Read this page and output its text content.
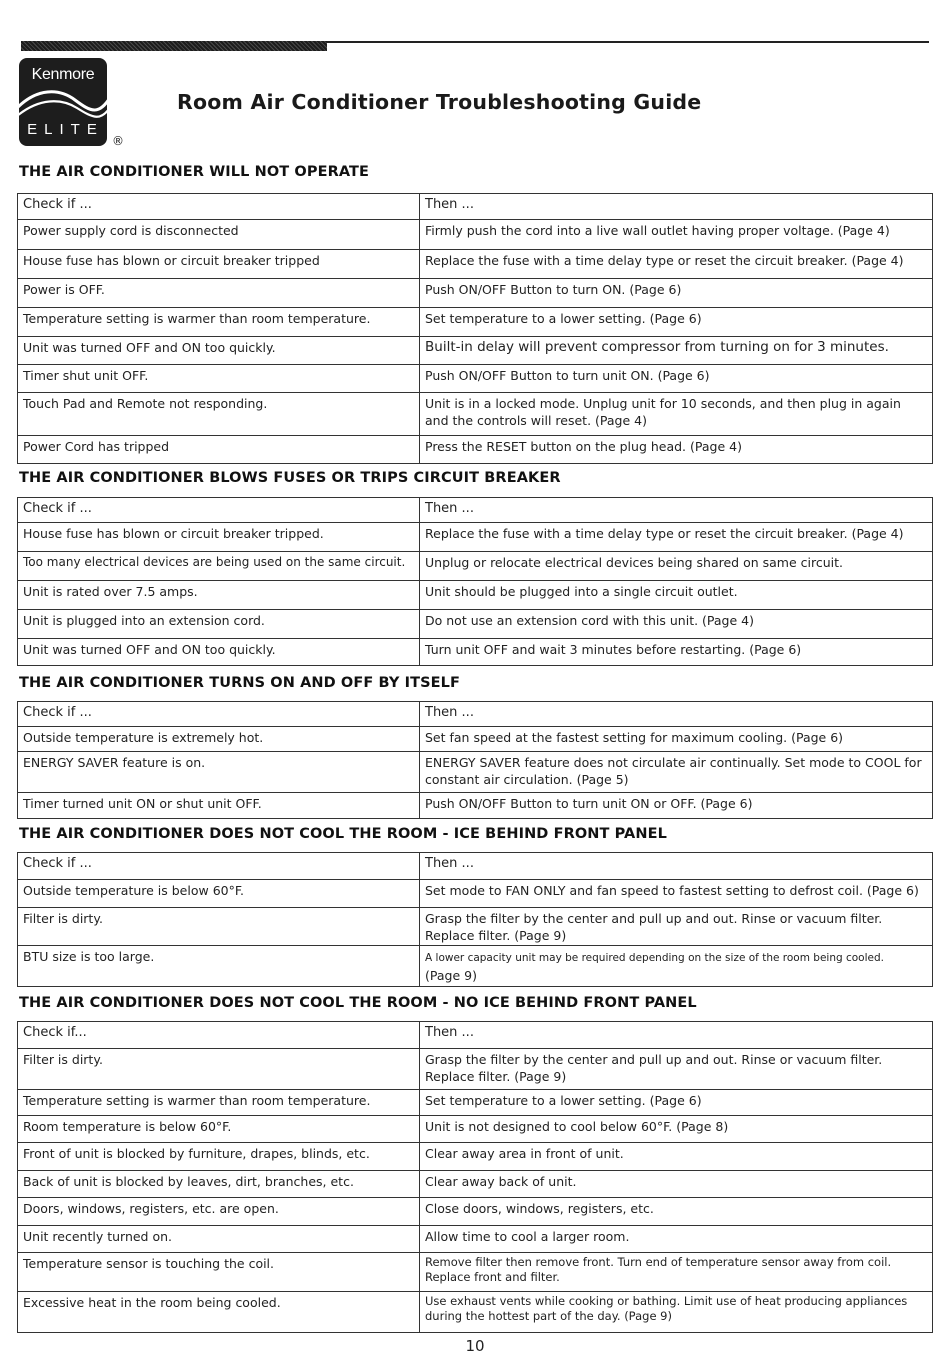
Kenmore
ELITE
®
Room Air Conditioner Troubleshooting Guide
THE AIR CONDITIONER WILL NOT OPERATE
Check if ...	Then ...
Power supply cord is disconnected	Firmly push the cord into a live wall outlet having proper voltage. (Page 4)
House fuse has blown or circuit breaker tripped	Replace the fuse with a time delay type or reset the circuit breaker. (Page 4)
Power is OFF.	Push ON/OFF Button to turn ON. (Page 6)
Temperature setting is warmer than room temperature.	Set temperature to a lower setting. (Page 6)
Unit was turned OFF and ON too quickly.	Built-in delay will prevent compressor from turning on for 3 minutes.
Timer shut unit OFF.	Push ON/OFF Button to turn unit ON. (Page 6)
Touch Pad and Remote not responding.	Unit is in a locked mode. Unplug unit for 10 seconds, and then plug in again and the controls will reset. (Page 4)
Power Cord has tripped	Press the RESET button on the plug head. (Page 4)
THE AIR CONDITIONER BLOWS FUSES OR TRIPS CIRCUIT BREAKER
Check if ...	Then ...
House fuse has blown or circuit breaker tripped.	Replace the fuse with a time delay type or reset the circuit breaker. (Page 4)
Too many electrical devices are being used on the same circuit.	Unplug or relocate electrical devices being shared on same circuit.
Unit is rated over 7.5 amps.	Unit should be plugged into a single circuit outlet.
Unit is plugged into an extension cord.	Do not use an extension cord with this unit. (Page 4)
Unit was turned OFF and ON too quickly.	Turn unit OFF and wait 3 minutes before restarting. (Page 6)
THE AIR CONDITIONER TURNS ON AND OFF BY ITSELF
Check if ...	Then ...
Outside temperature is extremely hot.	Set fan speed at the fastest setting for maximum cooling. (Page 6)
ENERGY SAVER feature is on.	ENERGY SAVER feature does not circulate air continually. Set mode to COOL for constant air circulation. (Page 5)
Timer turned unit ON or shut unit OFF.	Push ON/OFF Button to turn unit ON or OFF. (Page 6)
THE AIR CONDITIONER DOES NOT COOL THE ROOM - ICE BEHIND FRONT PANEL
Check if ...	Then ...
Outside temperature is below 60°F.	Set mode to FAN ONLY and fan speed to fastest setting to defrost coil. (Page 6)
Filter is dirty.	Grasp the filter by the center and pull up and out. Rinse or vacuum filter. Replace filter. (Page 9)
BTU size is too large.	A lower capacity unit may be required depending on the size of the room being cooled.
(Page 9)
THE AIR CONDITIONER DOES NOT COOL THE ROOM - NO ICE BEHIND FRONT PANEL
Check if...	Then ...
Filter is dirty.	Grasp the filter by the center and pull up and out. Rinse or vacuum filter.
Replace filter. (Page 9)
Temperature setting is warmer than room temperature.	Set temperature to a lower setting. (Page 6)
Room temperature is below 60°F.	Unit is not designed to cool below 60°F. (Page 8)
Front of unit is blocked by furniture, drapes, blinds, etc.	Clear away area in front of unit.
Back of unit is blocked by leaves, dirt, branches, etc.	Clear away back of unit.
Doors, windows, registers, etc. are open.	Close doors, windows, registers, etc.
Unit recently turned on.	Allow time to cool a larger room.
Temperature sensor is touching the coil.	Remove filter then remove front. Turn end of temperature sensor away from coil.
Replace front and filter.
Excessive heat in the room being cooled.	Use exhaust vents while cooking or bathing. Limit use of heat producing appliances
during the hottest part of the day. (Page 9)
10
